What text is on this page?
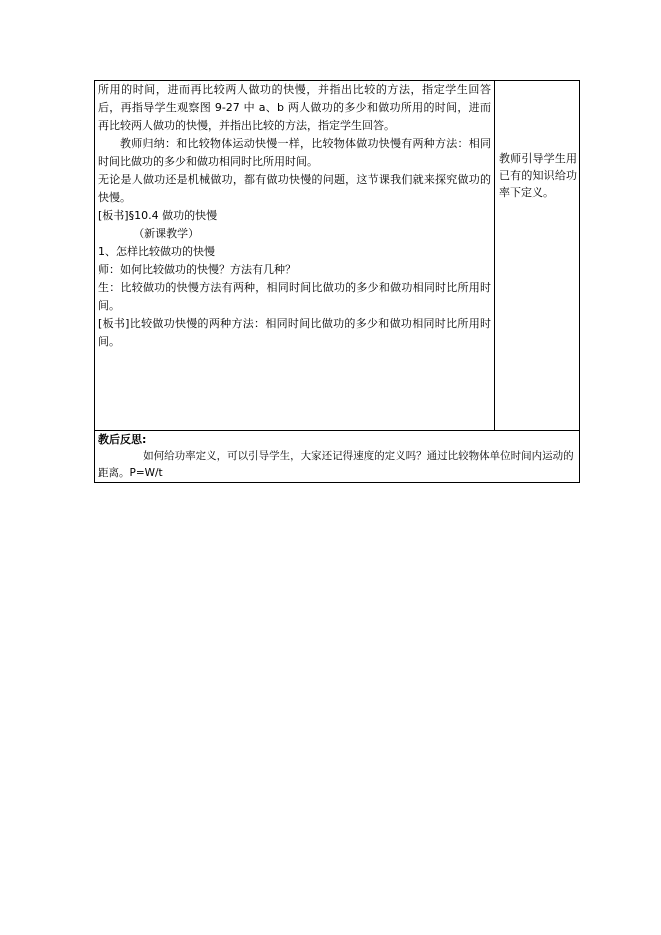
所用的时间，进而再比较两人做功的快慢，并指出比较的方法，指定学生回答后，再指导学生观察图 9-27 中 a、b 两人做功的多少和做功所用的时间，进而再比较两人做功的快慢，并指出比较的方法，指定学生回答。

教师归纳：和比较物体运动快慢一样，比较物体做功快慢有两种方法：相同时间比做功的多少和做功相同时比所用时间。

无论是人做功还是机械做功，都有做功快慢的问题，这节课我们就来探究做功的快慢。

[板书]§10.4 做功的快慢

（新课教学）

1、怎样比较做功的快慢

师：如何比较做功的快慢？方法有几种？

生：比较做功的快慢方法有两种，相同时间比做功的多少和做功相同时比所用时间。

[板书]比较做功快慢的两种方法：相同时间比做功的多少和做功相同时比所用时间。

教师引导学生用已有的知识给功率下定义。

教后反思:

如何给功率定义，可以引导学生，大家还记得速度的定义吗？通过比较物体单位时间内运动的距离。P=W/t
